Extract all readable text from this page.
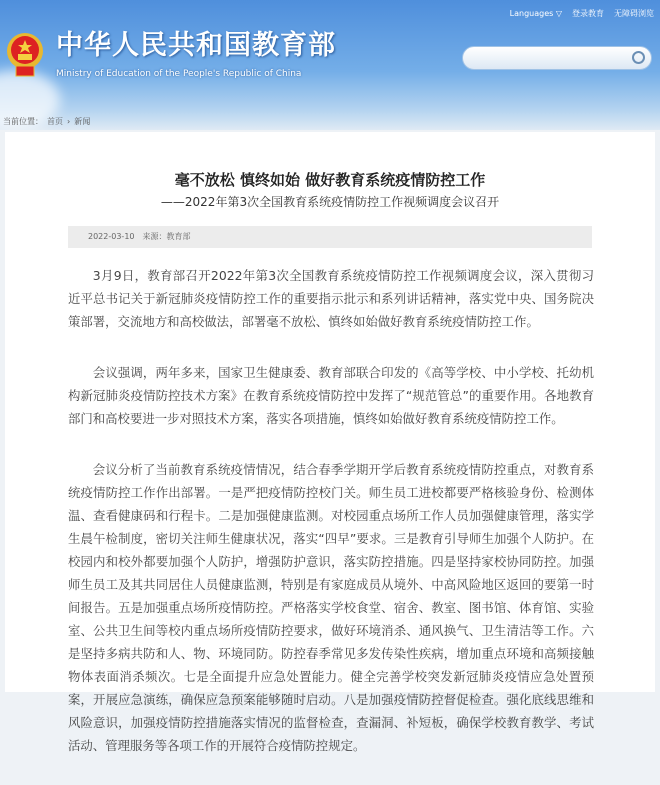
中华人民共和国教育部
Ministry of Education of the People's Republic of China
Languages ▽ 登录教育 无障碍浏览
当前位置： 首页 › 新闻
毫不放松 慎终如始 做好教育系统疫情防控工作
——2022年第3次全国教育系统疫情防控工作视频调度会议召开
2022-03-10 来源：教育部

3月9日，教育部召开2022年第3次全国教育系统疫情防控工作视频调度会议，深入贯彻习近平总书记关于新冠肺炎疫情防控工作的重要指示批示和系列讲话精神，落实党中央、国务院决策部署，交流地方和高校做法，部署毫不放松、慎终如始做好教育系统疫情防控工作。

会议强调，两年多来，国家卫生健康委、教育部联合印发的《高等学校、中小学校、托幼机构新冠肺炎疫情防控技术方案》在教育系统疫情防控中发挥了“规范管总”的重要作用。各地教育部门和高校要进一步对照技术方案，落实各项措施，慎终如始做好教育系统疫情防控工作。

会议分析了当前教育系统疫情情况，结合春季学期开学后教育系统疫情防控重点，对教育系统疫情防控工作作出部署。一是严把疫情防控校门关。师生员工进校都要严格核验身份、检测体温、查看健康码和行程卡。二是加强健康监测。对校园重点场所工作人员加强健康管理，落实学生晨午检制度，密切关注师生健康状况，落实“四早”要求。三是教育引导师生加强个人防护。在校园内和校外都要加强个人防护，增强防护意识，落实防控措施。四是坚持家校协同防控。加强师生员工及其共同居住人员健康监测，特别是有家庭成员从境外、中高风险地区返回的要第一时间报告。五是加强重点场所疫情防控。严格落实学校食堂、宿舍、教室、图书馆、体育馆、实验室、公共卫生间等校内重点场所疫情防控要求，做好环境消杀、通风换气、卫生清洁等工作。六是坚持多病共防和人、物、环境同防。防控春季常见多发传染性疾病，增加重点环境和高频接触物体表面消杀频次。七是全面提升应急处置能力。健全完善学校突发新冠肺炎疫情应急处置预案，开展应急演练，确保应急预案能够随时启动。八是加强疫情防控督促检查。强化底线思维和风险意识，加强疫情防控措施落实情况的监督检查，查漏洞、补短板，确保学校教育教学、考试活动、管理服务等各项工作的开展符合疫情防控规定。
